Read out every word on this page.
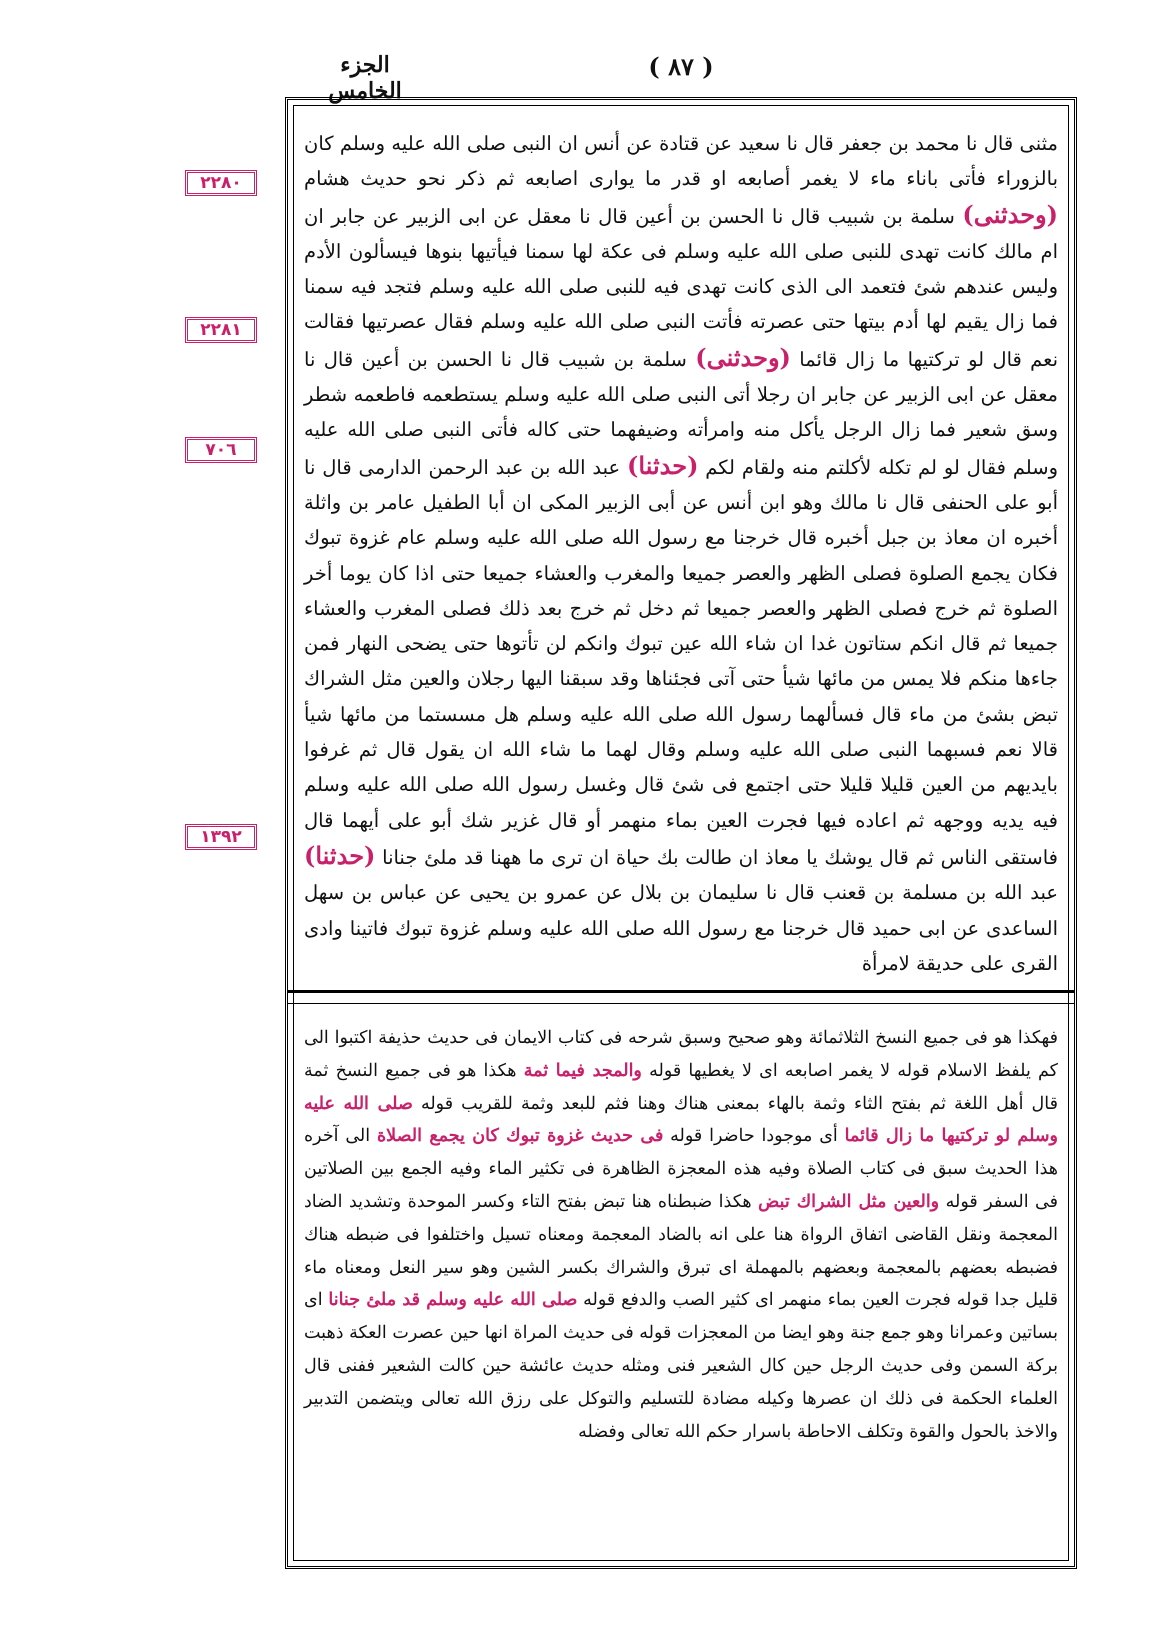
الجزء الخامس
( ٨٧ )
٢٢٨٠
٢٢٨١
٧٠٦
١٣٩٢
مثنى قال نا محمد بن جعفر قال نا سعيد عن قتادة عن أنس ان النبى صلى الله عليه وسلم كان بالزوراء فأتى باناء ماء لا يغمر أصابعه او قدر ما يوارى اصابعه ثم ذكر نحو حديث هشام (وحدثنى) سلمة بن شبيب قال نا الحسن بن أعين قال نا معقل عن ابى الزبير عن جابر ان ام مالك كانت تهدى للنبى صلى الله عليه وسلم فى عكة لها سمنا فيأتيها بنوها فيسألون الأدم وليس عندهم شئ فتعمد الى الذى كانت تهدى فيه للنبى صلى الله عليه وسلم فتجد فيه سمنا فما زال يقيم لها أدم بيتها حتى عصرته فأتت النبى صلى الله عليه وسلم فقال عصرتيها فقالت نعم قال لو تركتيها ما زال قائما (وحدثنى) سلمة بن شبيب قال نا الحسن بن أعين قال نا معقل عن ابى الزبير عن جابر ان رجلا أتى النبى صلى الله عليه وسلم يستطعمه فاطعمه شطر وسق شعير فما زال الرجل يأكل منه وامرأته وضيفهما حتى كاله فأتى النبى صلى الله عليه وسلم فقال لو لم تكله لأكلتم منه ولقام لكم (حدثنا) عبد الله بن عبد الرحمن الدارمى قال نا أبو على الحنفى قال نا مالك وهو ابن أنس عن أبى الزبير المكى ان أبا الطفيل عامر بن واثلة أخبره ان معاذ بن جبل أخبره قال خرجنا مع رسول الله صلى الله عليه وسلم عام غزوة تبوك فكان يجمع الصلوة فصلى الظهر والعصر جميعا والمغرب والعشاء جميعا حتى اذا كان يوما أخر الصلوة ثم خرج فصلى الظهر والعصر جميعا ثم دخل ثم خرج بعد ذلك فصلى المغرب والعشاء جميعا ثم قال انكم ستاتون غدا ان شاء الله عين تبوك وانكم لن تأتوها حتى يضحى النهار فمن جاءها منكم فلا يمس من مائها شيأ حتى آتى فجئناها وقد سبقنا اليها رجلان والعين مثل الشراك تبض بشئ من ماء قال فسألهما رسول الله صلى الله عليه وسلم هل مسستما من مائها شيأ قالا نعم فسبهما النبى صلى الله عليه وسلم وقال لهما ما شاء الله ان يقول قال ثم غرفوا بايديهم من العين قليلا قليلا حتى اجتمع فى شئ قال وغسل رسول الله صلى الله عليه وسلم فيه يديه ووجهه ثم اعاده فيها فجرت العين بماء منهمر أو قال غزير شك أبو على أيهما قال فاستقى الناس ثم قال يوشك يا معاذ ان طالت بك حياة ان ترى ما ههنا قد ملئ جنانا (حدثنا) عبد الله بن مسلمة بن قعنب قال نا سليمان بن بلال عن عمرو بن يحيى عن عباس بن سهل الساعدى عن ابى حميد قال خرجنا مع رسول الله صلى الله عليه وسلم غزوة تبوك فاتينا وادى القرى على حديقة لامرأة
فهكذا هو فى جميع النسخ الثلاثمائة وهو صحيح وسبق شرحه فى كتاب الايمان فى حديث حذيفة اكتبوا الى كم يلفظ الاسلام قوله لا يغمر اصابعه اى لا يغطيها قوله والمجد فيما ثمة هكذا هو فى جميع النسخ ثمة قال أهل اللغة ثم بفتح الثاء وثمة بالهاء بمعنى هناك وهنا فثم للبعد وثمة للقريب قوله صلى الله عليه وسلم لو تركتيها ما زال قائما أى موجودا حاضرا قوله فى حديث غزوة تبوك كان يجمع الصلاة الى آخره هذا الحديث سبق فى كتاب الصلاة وفيه هذه المعجزة الظاهرة فى تكثير الماء وفيه الجمع بين الصلاتين فى السفر قوله والعين مثل الشراك تبض هكذا ضبطناه هنا تبض بفتح التاء وكسر الموحدة وتشديد الضاد المعجمة ونقل القاضى اتفاق الرواة هنا على انه بالضاد المعجمة ومعناه تسيل واختلفوا فى ضبطه هناك فضبطه بعضهم بالمعجمة وبعضهم بالمهملة اى تبرق والشراك بكسر الشين وهو سير النعل ومعناه ماء قليل جدا قوله فجرت العين بماء منهمر اى كثير الصب والدفع قوله صلى الله عليه وسلم قد ملئ جنانا اى بساتين وعمرانا وهو جمع جنة وهو ايضا من المعجزات قوله فى حديث المراة انها حين عصرت العكة ذهبت بركة السمن وفى حديث الرجل حين كال الشعير فنى ومثله حديث عائشة حين كالت الشعير ففنى قال العلماء الحكمة فى ذلك ان عصرها وكيله مضادة للتسليم والتوكل على رزق الله تعالى ويتضمن التدبير والاخذ بالحول والقوة وتكلف الاحاطة باسرار حكم الله تعالى وفضله
